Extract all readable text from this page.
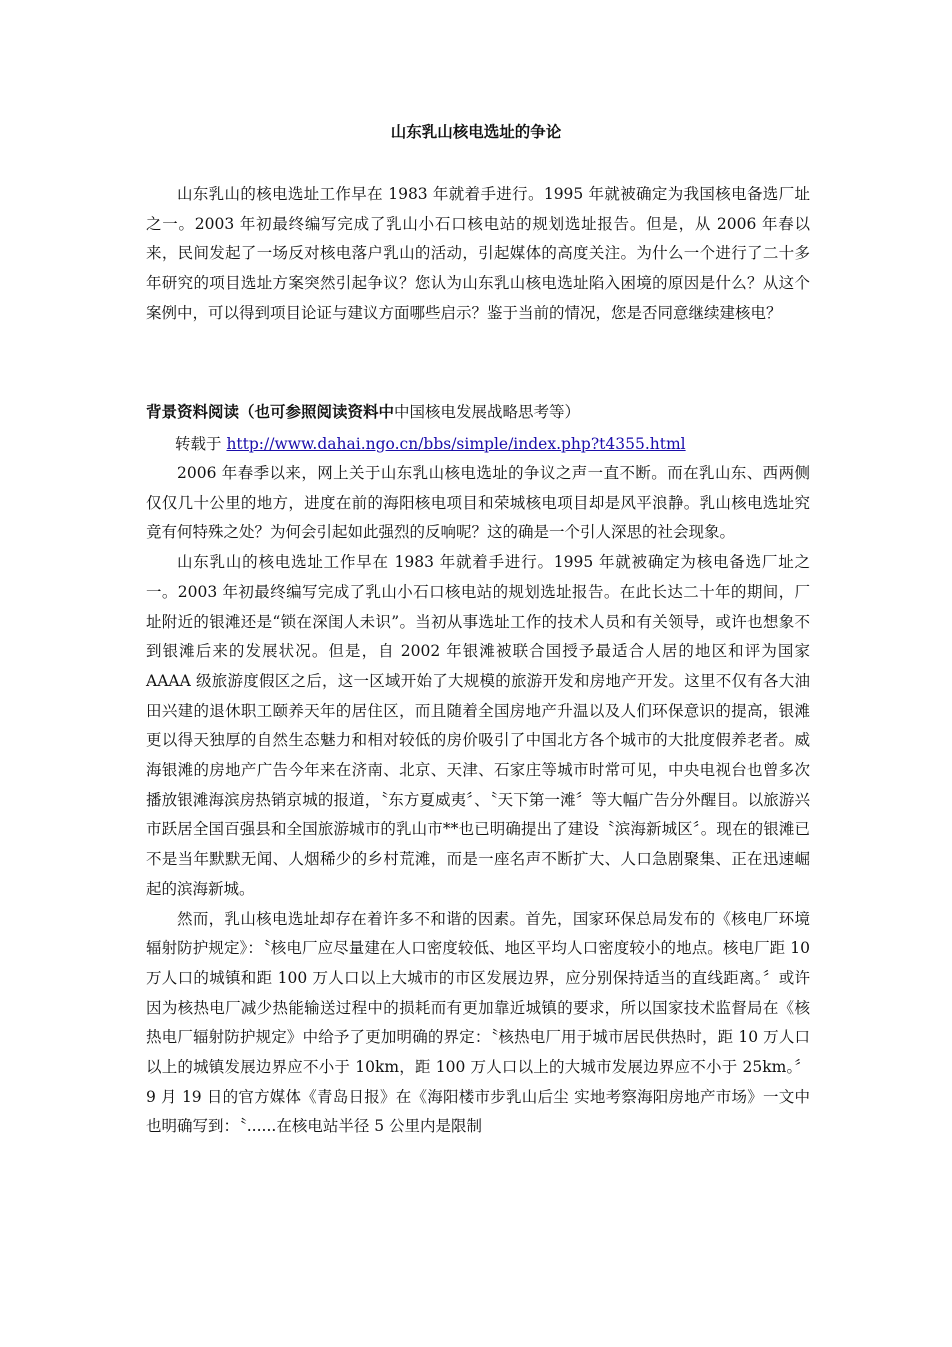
山东乳山核电选址的争论

山东乳山的核电选址工作早在 1983 年就着手进行。1995 年就被确定为我国核电备选厂址之一。2003 年初最终编写完成了乳山小石口核电站的规划选址报告。但是，从 2006 年春以来，民间发起了一场反对核电落户乳山的活动，引起媒体的高度关注。为什么一个进行了二十多年研究的项目选址方案突然引起争议？您认为山东乳山核电选址陷入困境的原因是什么？从这个案例中，可以得到项目论证与建议方面哪些启示？鉴于当前的情况，您是否同意继续建核电？

背景资料阅读（也可参照阅读资料中中国核电发展战略思考等）
转载于 http://www.dahai.ngo.cn/bbs/simple/index.php?t4355.html

2006 年春季以来，网上关于山东乳山核电选址的争议之声一直不断。而在乳山东、西两侧仅仅几十公里的地方，进度在前的海阳核电项目和荣城核电项目却是风平浪静。乳山核电选址究竟有何特殊之处？为何会引起如此强烈的反响呢？这的确是一个引人深思的社会现象。

山东乳山的核电选址工作早在 1983 年就着手进行。1995 年就被确定为核电备选厂址之一。2003 年初最终编写完成了乳山小石口核电站的规划选址报告。在此长达二十年的期间，厂址附近的银滩还是“锁在深闺人未识”。当初从事选址工作的技术人员和有关领导，或许也想象不到银滩后来的发展状况。但是，自 2002 年银滩被联合国授予最适合人居的地区和评为国家 AAAA 级旅游度假区之后，这一区域开始了大规模的旅游开发和房地产开发。这里不仅有各大油田兴建的退休职工颐养天年的居住区，而且随着全国房地产升温以及人们环保意识的提高，银滩更以得天独厚的自然生态魅力和相对较低的房价吸引了中国北方各个城市的大批度假养老者。威海银滩的房地产广告今年来在济南、北京、天津、石家庄等城市时常可见，中央电视台也曾多次播放银滩海滨房热销京城的报道，〝东方夏威夷〞、〝天下第一滩〞等大幅广告分外醒目。以旅游兴市跃居全国百强县和全国旅游城市的乳山市**也已明确提出了建设〝滨海新城区〞。现在的银滩已不是当年默默无闻、人烟稀少的乡村荒滩，而是一座名声不断扩大、人口急剧聚集、正在迅速崛起的滨海新城。

然而，乳山核电选址却存在着许多不和谐的因素。首先，国家环保总局发布的《核电厂环境辐射防护规定》：〝核电厂应尽量建在人口密度较低、地区平均人口密度较小的地点。核电厂距 10 万人口的城镇和距 100 万人口以上大城市的市区发展边界，应分别保持适当的直线距离。〞或许因为核热电厂减少热能输送过程中的损耗而有更加靠近城镇的要求，所以国家技术监督局在《核热电厂辐射防护规定》中给予了更加明确的界定：〝核热电厂用于城市居民供热时，距 10 万人口以上的城镇发展边界应不小于 10km，距 100 万人口以上的大城市发展边界应不小于 25km。〞9 月 19 日的官方媒体《青岛日报》在《海阳楼市步乳山后尘 实地考察海阳房地产市场》一文中也明确写到：〝......在核电站半径 5 公里内是限制
